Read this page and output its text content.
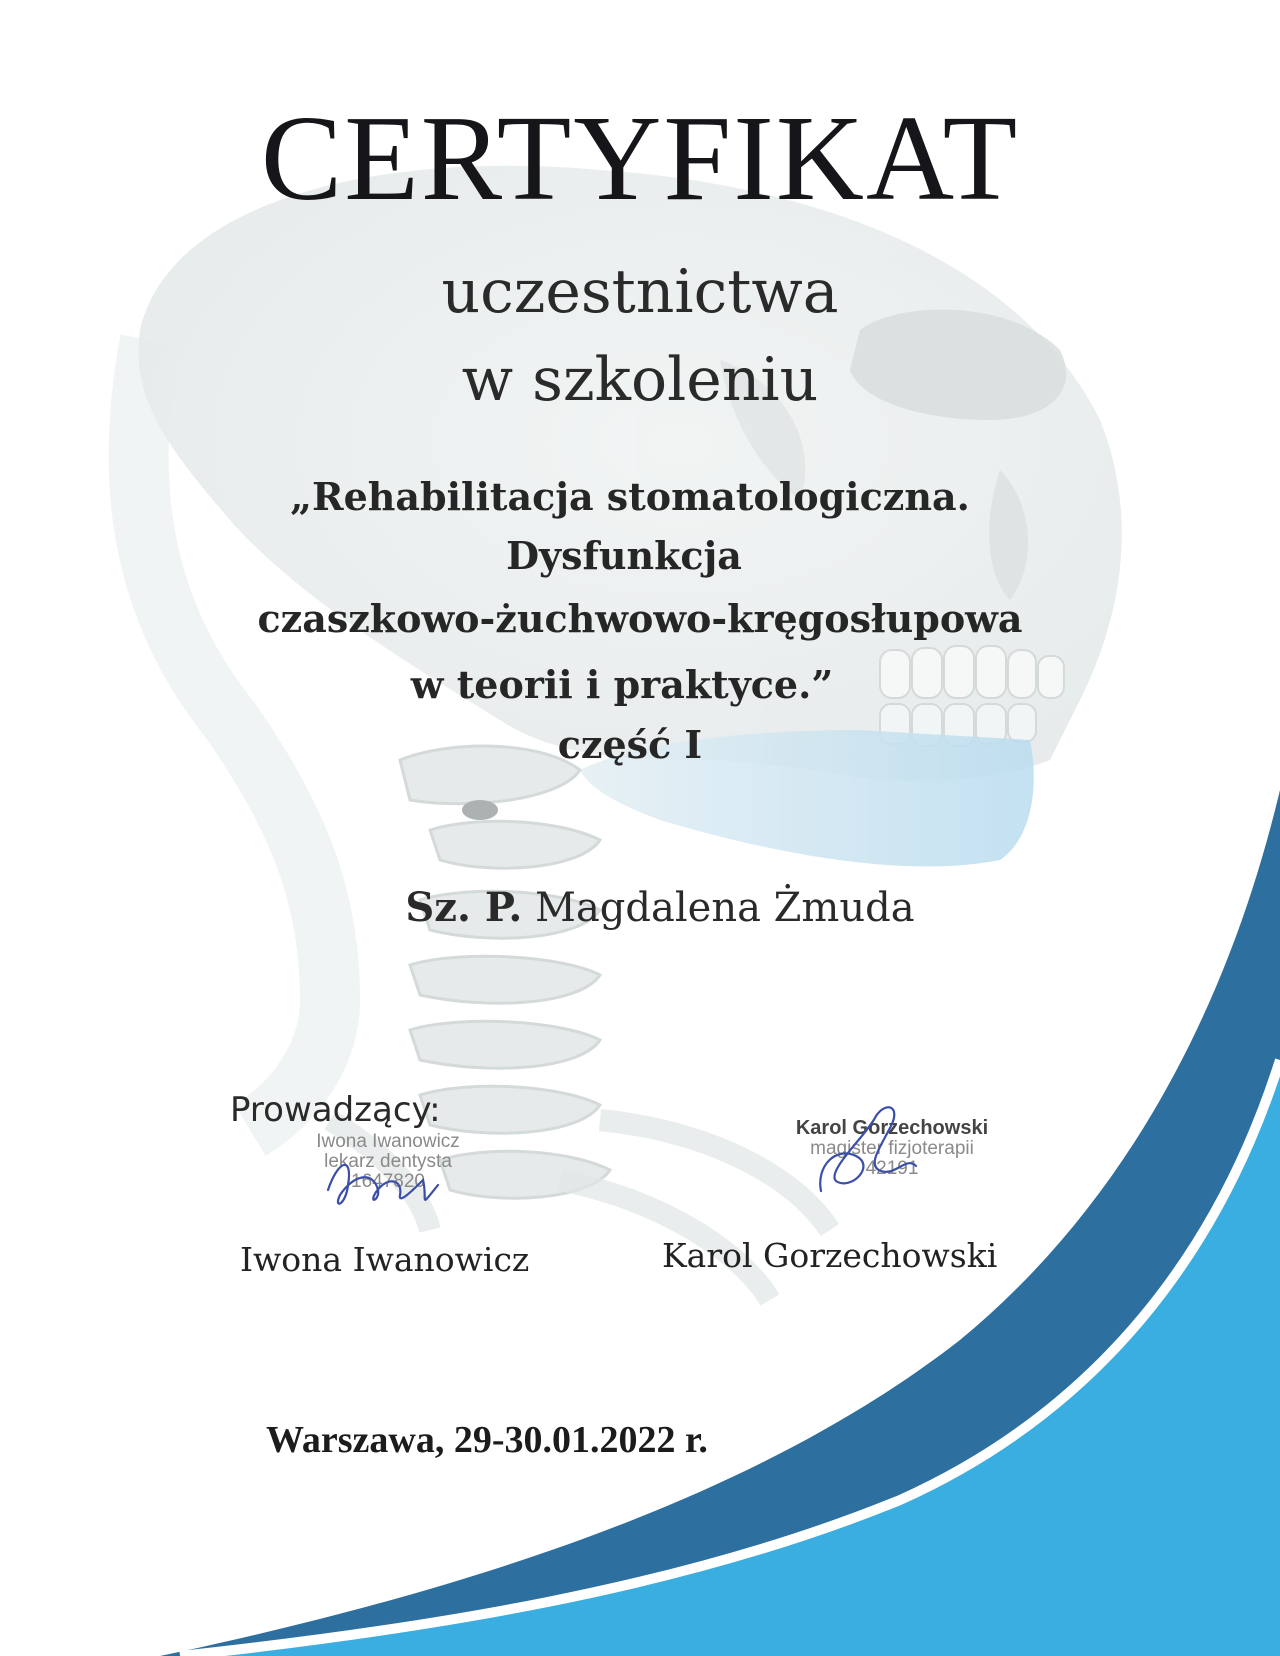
CERTYFIKAT
uczestnictwa
w szkoleniu
„Rehabilitacja stomatologiczna.
Dysfunkcja
czaszkowo-żuchwowo-kręgosłupowa
w teorii i praktyce.”
część I
Sz. P. Magdalena Żmuda
Prowadzący:
Iwona Iwanowicz
lekarz dentysta
1647820
Karol Gorzechowski
magister fizjoterapii
42191
Iwona Iwanowicz	Karol Gorzechowski
Warszawa, 29-30.01.2022 r.
